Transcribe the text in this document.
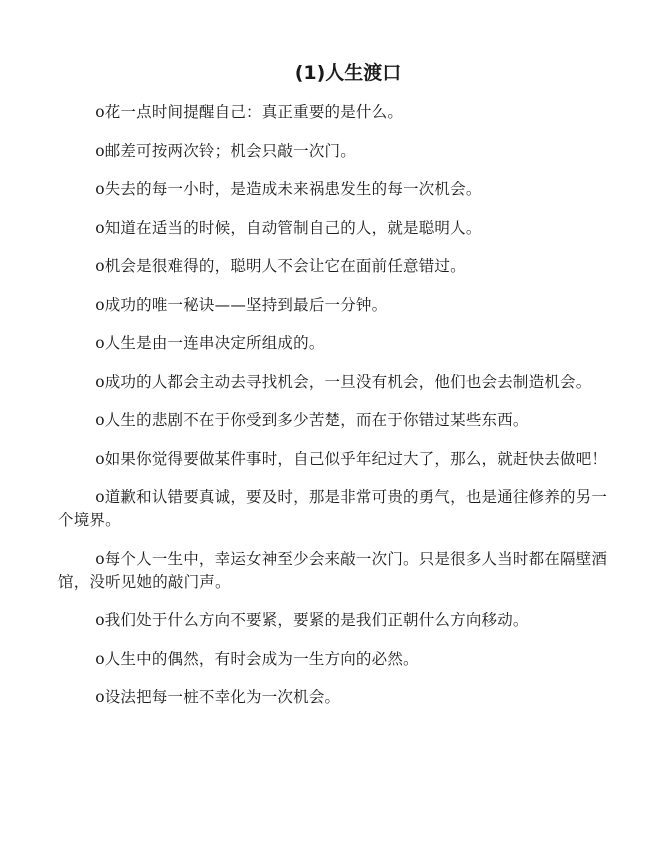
(1)人生渡口
o花一点时间提醒自己：真正重要的是什么。
o邮差可按两次铃；机会只敲一次门。
o失去的每一小时，是造成未来祸患发生的每一次机会。
o知道在适当的时候，自动管制自己的人，就是聪明人。
o机会是很难得的，聪明人不会让它在面前任意错过。
o成功的唯一秘诀——坚持到最后一分钟。
o人生是由一连串决定所组成的。
o成功的人都会主动去寻找机会，一旦没有机会，他们也会去制造机会。
o人生的悲剧不在于你受到多少苦楚，而在于你错过某些东西。
o如果你觉得要做某件事时，自己似乎年纪过大了，那么，就赶快去做吧！
o道歉和认错要真诚，要及时，那是非常可贵的勇气，也是通往修养的另一个境界。
o每个人一生中，幸运女神至少会来敲一次门。只是很多人当时都在隔壁酒馆，没听见她的敲门声。
o我们处于什么方向不要紧，要紧的是我们正朝什么方向移动。
o人生中的偶然，有时会成为一生方向的必然。
o设法把每一桩不幸化为一次机会。
